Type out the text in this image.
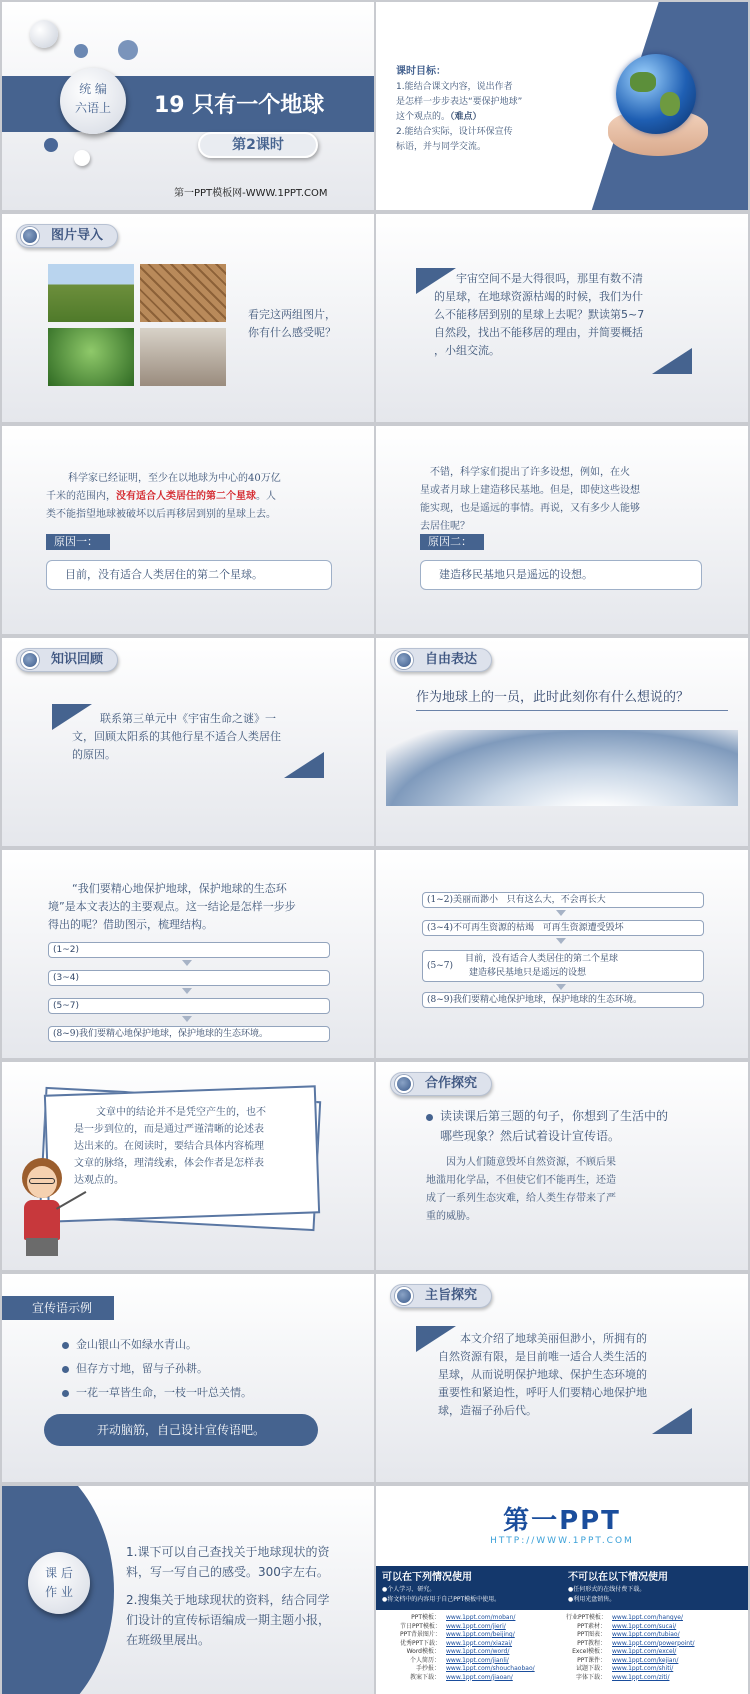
统 编
六语上	19 只有一个地球
第2课时
第一PPT模板网-WWW.1PPT.COM
课时目标：
1.能结合课文内容，说出作者
是怎样一步步表达“要保护地球”
这个观点的。（难点）
2.能结合实际，设计环保宣传
标语，并与同学交流。
图片导入
看完这两组图片，
你有什么感受呢？
宇宙空间不是大得很吗，那里有数不清
的星球，在地球资源枯竭的时候，我们为什
么不能移居到别的星球上去呢？默读第5~7
自然段，找出不能移居的理由，并简要概括
，小组交流。
科学家已经证明，至少在以地球为中心的40万亿
千米的范围内，没有适合人类居住的第二个星球。人
类不能指望地球被破坏以后再移居到别的星球上去。
原因一：
目前，没有适合人类居住的第二个星球。
不错，科学家们提出了许多设想，例如，在火
星或者月球上建造移民基地。但是，即使这些设想
能实现，也是遥远的事情。再说，又有多少人能够
去居住呢？
原因二：
建造移民基地只是遥远的设想。
知识回顾
联系第三单元中《宇宙生命之谜》一
文，回顾太阳系的其他行星不适合人类居住
的原因。
自由表达
作为地球上的一员，此时此刻你有什么想说的？
“我们要精心地保护地球，保护地球的生态环
境”是本文表达的主要观点。这一结论是怎样一步步
得出的呢？借助图示，梳理结构。
(1~2)
(3~4)
(5~7)
(8~9)我们要精心地保护地球，保护地球的生态环境。
(1~2)美丽而渺小   只有这么大，不会再长大
(3~4)不可再生资源的枯竭   可再生资源遭受毁坏
(5~7)
目前，没有适合人类居住的第二个星球
建造移民基地只是遥远的设想
(8~9)我们要精心地保护地球，保护地球的生态环境。
文章中的结论并不是凭空产生的，也不
是一步到位的，而是通过严谨清晰的论述表
达出来的。在阅读时，要结合具体内容梳理
文章的脉络，理清线索，体会作者是怎样表
达观点的。
合作探究
读读课后第三题的句子，你想到了生活中的
哪些现象？然后试着设计宣传语。
因为人们随意毁坏自然资源，不顾后果
地滥用化学品，不但使它们不能再生，还造
成了一系列生态灾难，给人类生存带来了严
重的威胁。
宣传语示例
金山银山不如绿水青山。
但存方寸地，留与子孙耕。
一花一草皆生命，一枝一叶总关情。
开动脑筋，自己设计宣传语吧。
主旨探究
本文介绍了地球美丽但渺小，所拥有的
自然资源有限，是目前唯一适合人类生活的
星球，从而说明保护地球、保护生态环境的
重要性和紧迫性，呼吁人们要精心地保护地
球，造福子孙后代。
课 后
作 业
1.课下可以自己查找关于地球现状的资
料，写一写自己的感受。300字左右。
2.搜集关于地球现状的资料，结合同学
们设计的宣传标语编成一期主题小报，
在班级里展出。
第一PPT
HTTP://WWW.1PPT.COM
可以在下列情况使用
●个人学习、研究。
●将文档中的内容用于自己PPT模板中使用。
不可以在以下情况使用
●任何形式的在线付费下载。
●利用光盘销售。
PPT模板： www.1ppt.com/moban/
节日PPT模板： www.1ppt.com/jieri/
PPT背景图片： www.1ppt.com/beijing/
优秀PPT下载： www.1ppt.com/xiazai/
Word模板： www.1ppt.com/word/
个人简历： www.1ppt.com/jianli/
手抄报： www.1ppt.com/shouchaobao/
教案下载： www.1ppt.com/jiaoan/
行业PPT模板： www.1ppt.com/hangye/
PPT素材： www.1ppt.com/sucai/
PPT图表： www.1ppt.com/tubiao/
PPT教程： www.1ppt.com/powerpoint/
Excel模板： www.1ppt.com/excel/
PPT课件： www.1ppt.com/kejian/
试题下载： www.1ppt.com/shiti/
字体下载： www.1ppt.com/ziti/
